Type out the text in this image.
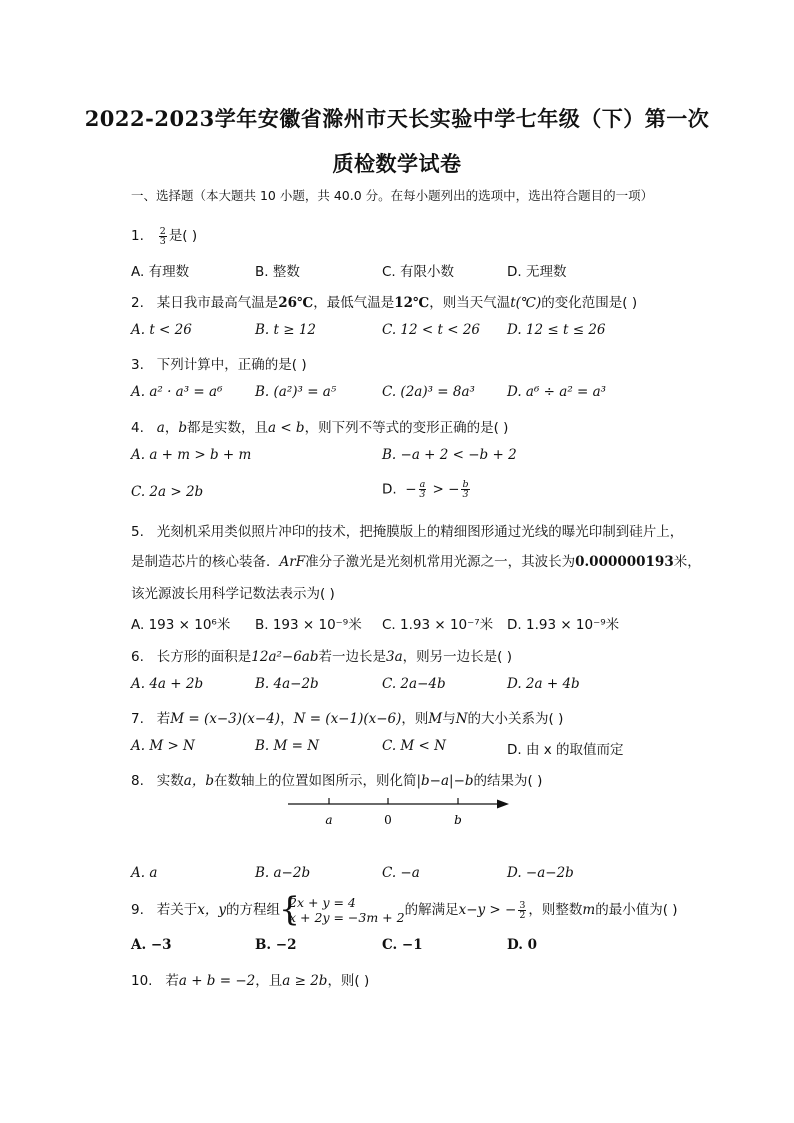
2022-2023学年安徽省滁州市天长实验中学七年级（下）第一次
质检数学试卷
一、选择题（本大题共 10 小题，共 40.0 分。在每小题列出的选项中，选出符合题目的一项）
1. $\frac{2}{3}$ 是( )
A. 有理数	B. 整数	C. 有限小数	D. 无理数
2. 某日我市最高气温是26℃，最低气温是12℃，则当天气温t(℃)的变化范围是( )
A. t < 26	B. t ≥ 12	C. 12 < t < 26 D. 12 ≤ t ≤ 26
3. 下列计算中，正确的是( )
A. a² · a³ = a⁶ B. (a²)³ = a⁵	C. (2a)³ = 8a³ D. a⁶ ÷ a² = a³
4. a，b都是实数，且a < b，则下列不等式的变形正确的是( )
A. a + m > b + m	B. −a + 2 < −b + 2
C. 2a > 2b	D. − $\frac{a}{3}$ > − $\frac{b}{3}$
5. 光刻机采用类似照片冲印的技术，把掩膜版上的精细图形通过光线的曝光印制到硅片上，
是制造芯片的核心装备．ArF准分子激光是光刻机常用光源之一，其波长为0.000000193米，
该光源波长用科学记数法表示为( )
A. 193 × 10⁶米 B. 193 × 10⁻⁹米 C. 1.93 × 10⁻⁷米 D. 1.93 × 10⁻⁹米
6. 长方形的面积是12a²−6ab若一边长是3a，则另一边长是( )
A. 4a + 2b	B. 4a−2b	C. 2a−4b	D. 2a + 4b
7. 若M = (x−3)(x−4)，N = (x−1)(x−6)，则M与N的大小关系为( )
A. M > N	B. M = N	C. M < N	D. 由 x 的取值而定
8. 实数a，b在数轴上的位置如图所示，则化简|b−a|−b的结果为( )
a	0	b
A. a	B. a−2b	C. −a	D. −a−2b
9. 若关于x，y的方程组 {
2x + y = 4
x + 2y = −3m + 2 的解满足x−y > − $\frac{3}{2}$ ，则整数m的最小值为( )
A. −3	B. −2	C. −1	D. 0
10. 若a + b = −2，且a ≥ 2b，则( )
